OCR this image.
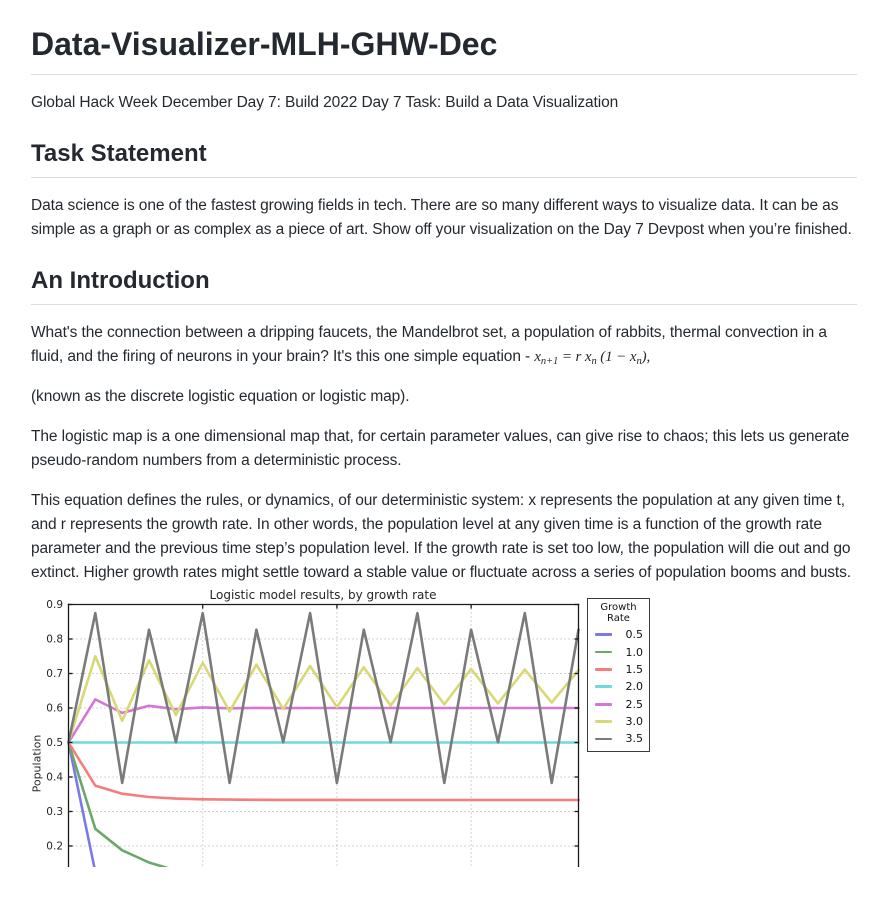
Data-Visualizer-MLH-GHW-Dec

Global Hack Week December Day 7: Build 2022 Day 7 Task: Build a Data Visualization

Task Statement

Data science is one of the fastest growing fields in tech. There are so many different ways to visualize data. It can be as simple as a graph or as complex as a piece of art. Show off your visualization on the Day 7 Devpost when you’re finished.

An Introduction

What's the connection between a dripping faucets, the Mandelbrot set, a population of rabbits, thermal convection in a fluid, and the firing of neurons in your brain? It's this one simple equation - $x_{n+1} = r$ $x_n$ $(1 - x_n)$,

(known as the discrete logistic equation or logistic map).

The logistic map is a one dimensional map that, for certain parameter values, can give rise to chaos; this lets us generate pseudo-random numbers from a deterministic process.

This equation defines the rules, or dynamics, of our deterministic system: x represents the population at any given time t, and r represents the growth rate. In other words, the population level at any given time is a function of the growth rate parameter and the previous time step’s population level. If the growth rate is set too low, the population will die out and go extinct. Higher growth rates might settle toward a stable value or fluctuate across a series of population booms and busts.

Logistic model results, by growth rate
Population
0.9
0.8
0.7
0.6
0.5
0.4
0.3
0.2
Growth Rate
0.5
1.0
1.5
2.0
2.5
3.0
3.5
